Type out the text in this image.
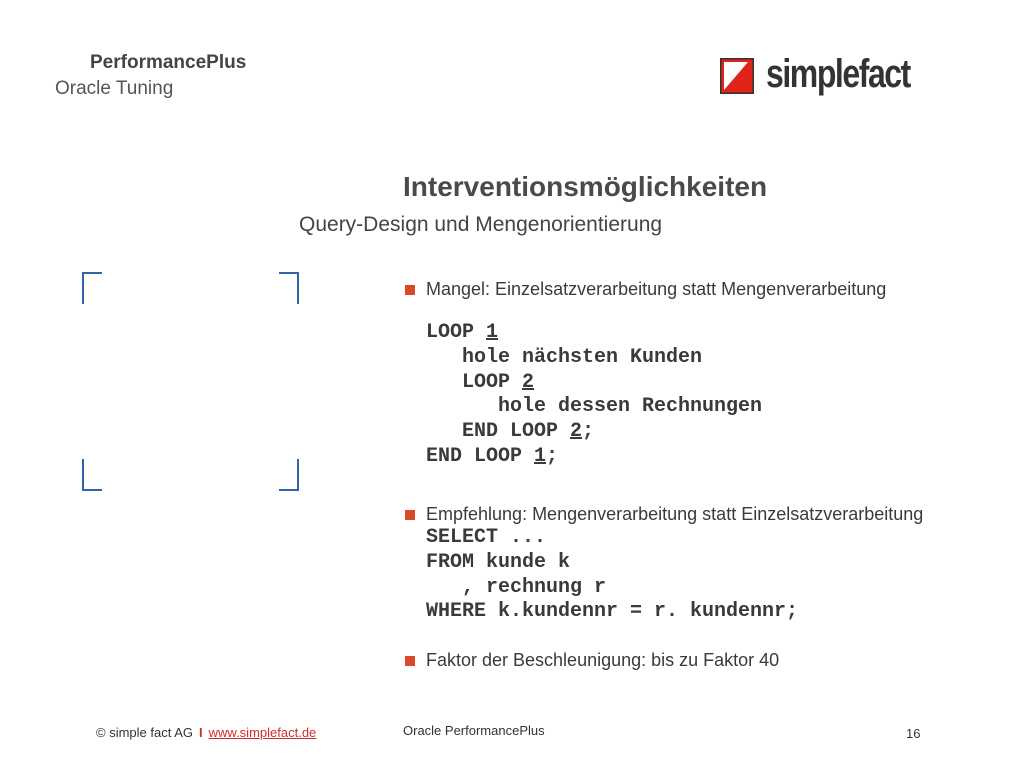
PerformancePlus
Oracle Tuning	simplefact
Interventionsmöglichkeiten
Query-Design und Mengenorientierung
Mangel: Einzelsatzverarbeitung statt Mengenverarbeitung
LOOP 1
hole nächsten Kunden
LOOP 2
hole dessen Rechnungen
END LOOP 2;
END LOOP 1;
Empfehlung: Mengenverarbeitung statt Einzelsatzverarbeitung
SELECT ...
FROM kunde k
, rechnung r
WHERE k.kundennr = r. kundennr;
Faktor der Beschleunigung: bis zu Faktor 40
© simple fact AG I www.simplefact.de	Oracle PerformancePlus	16
